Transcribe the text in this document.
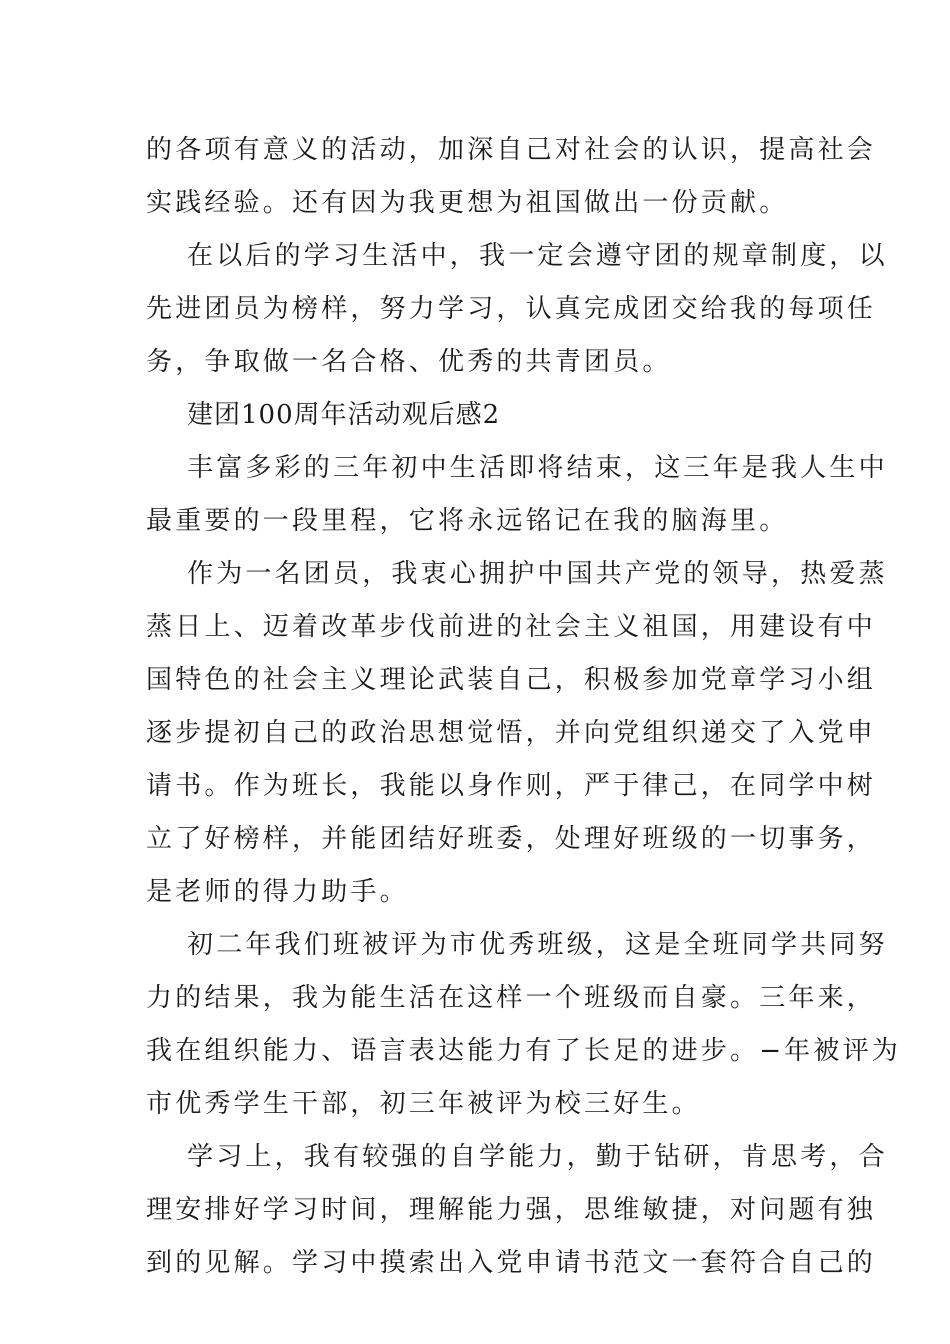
的各项有意义的活动，加深自己对社会的认识，提高社会
实践经验。还有因为我更想为祖国做出一份贡献。
在以后的学习生活中，我一定会遵守团的规章制度，以
先进团员为榜样，努力学习，认真完成团交给我的每项任
务，争取做一名合格、优秀的共青团员。
建团100周年活动观后感2
丰富多彩的三年初中生活即将结束，这三年是我人生中
最重要的一段里程，它将永远铭记在我的脑海里。
作为一名团员，我衷心拥护中国共产党的领导，热爱蒸
蒸日上、迈着改革步伐前进的社会主义祖国，用建设有中
国特色的社会主义理论武装自己，积极参加党章学习小组
逐步提初自己的政治思想觉悟，并向党组织递交了入党申
请书。作为班长，我能以身作则，严于律己，在同学中树
立了好榜样，并能团结好班委，处理好班级的一切事务，
是老师的得力助手。
初二年我们班被评为市优秀班级，这是全班同学共同努
力的结果，我为能生活在这样一个班级而自豪。三年来，
我在组织能力、语言表达能力有了长足的进步。−年被评为
市优秀学生干部，初三年被评为校三好生。
学习上，我有较强的自学能力，勤于钻研，肯思考，合
理安排好学习时间，理解能力强，思维敏捷，对问题有独
到的见解。学习中摸索出入党申请书范文一套符合自己的
